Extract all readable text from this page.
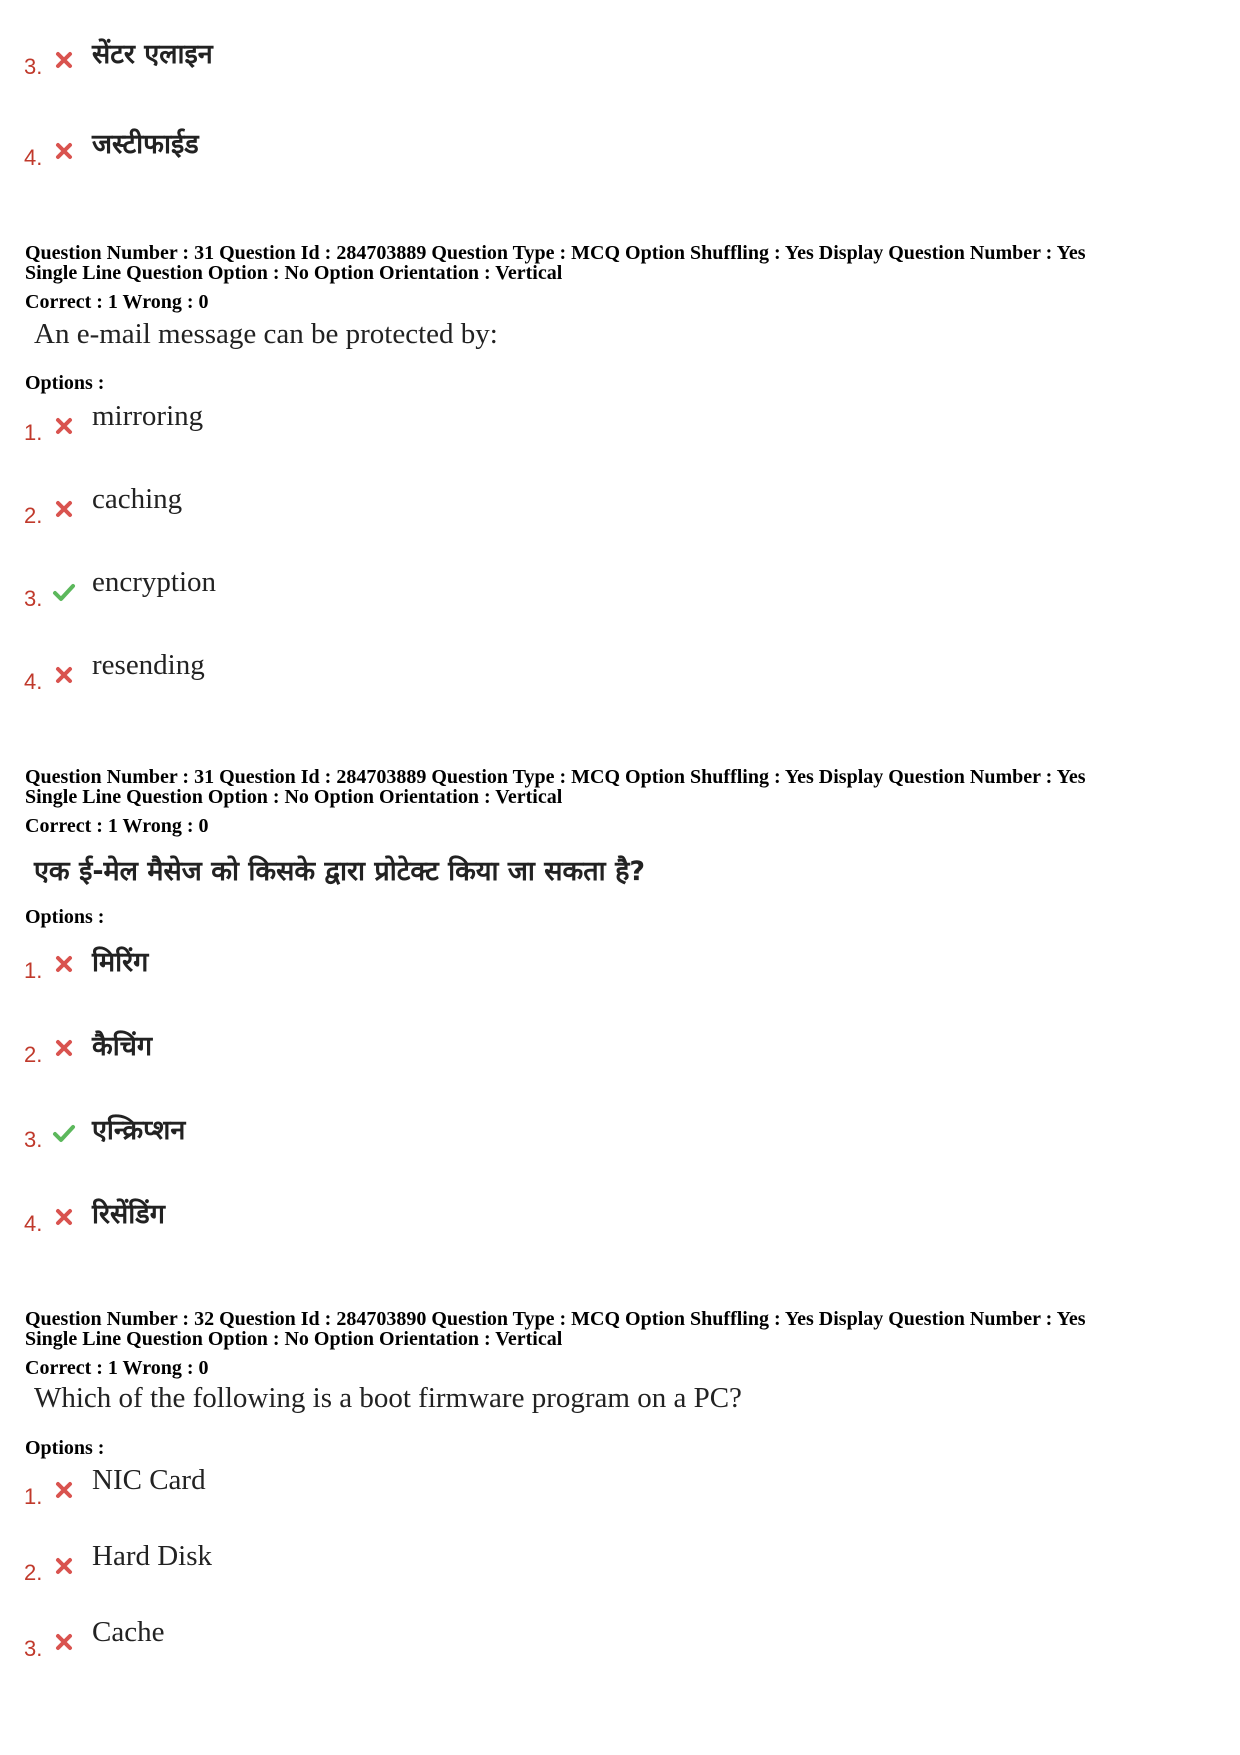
3. सेंटर एलाइन
4. जस्टीफाईड
Question Number : 31 Question Id : 284703889 Question Type : MCQ Option Shuffling : Yes Display Question Number : Yes
Single Line Question Option : No Option Orientation : Vertical
Correct : 1 Wrong : 0
An e-mail message can be protected by:
Options :
1.
mirroring
2.
caching
3.
encryption
4.
resending
Question Number : 31 Question Id : 284703889 Question Type : MCQ Option Shuffling : Yes Display Question Number : Yes
Single Line Question Option : No Option Orientation : Vertical
Correct : 1 Wrong : 0
एक ई-मेल मैसेज को किसके द्वारा प्रोटेक्ट किया जा सकता है?
Options :
1. मिरिंग
2. कैचिंग
3. एन्क्रिप्शन
4. रिसेंडिंग
Question Number : 32 Question Id : 284703890 Question Type : MCQ Option Shuffling : Yes Display Question Number : Yes
Single Line Question Option : No Option Orientation : Vertical
Correct : 1 Wrong : 0
Which of the following is a boot firmware program on a PC?
Options :
1.
NIC Card
2.
Hard Disk
3.
Cache
